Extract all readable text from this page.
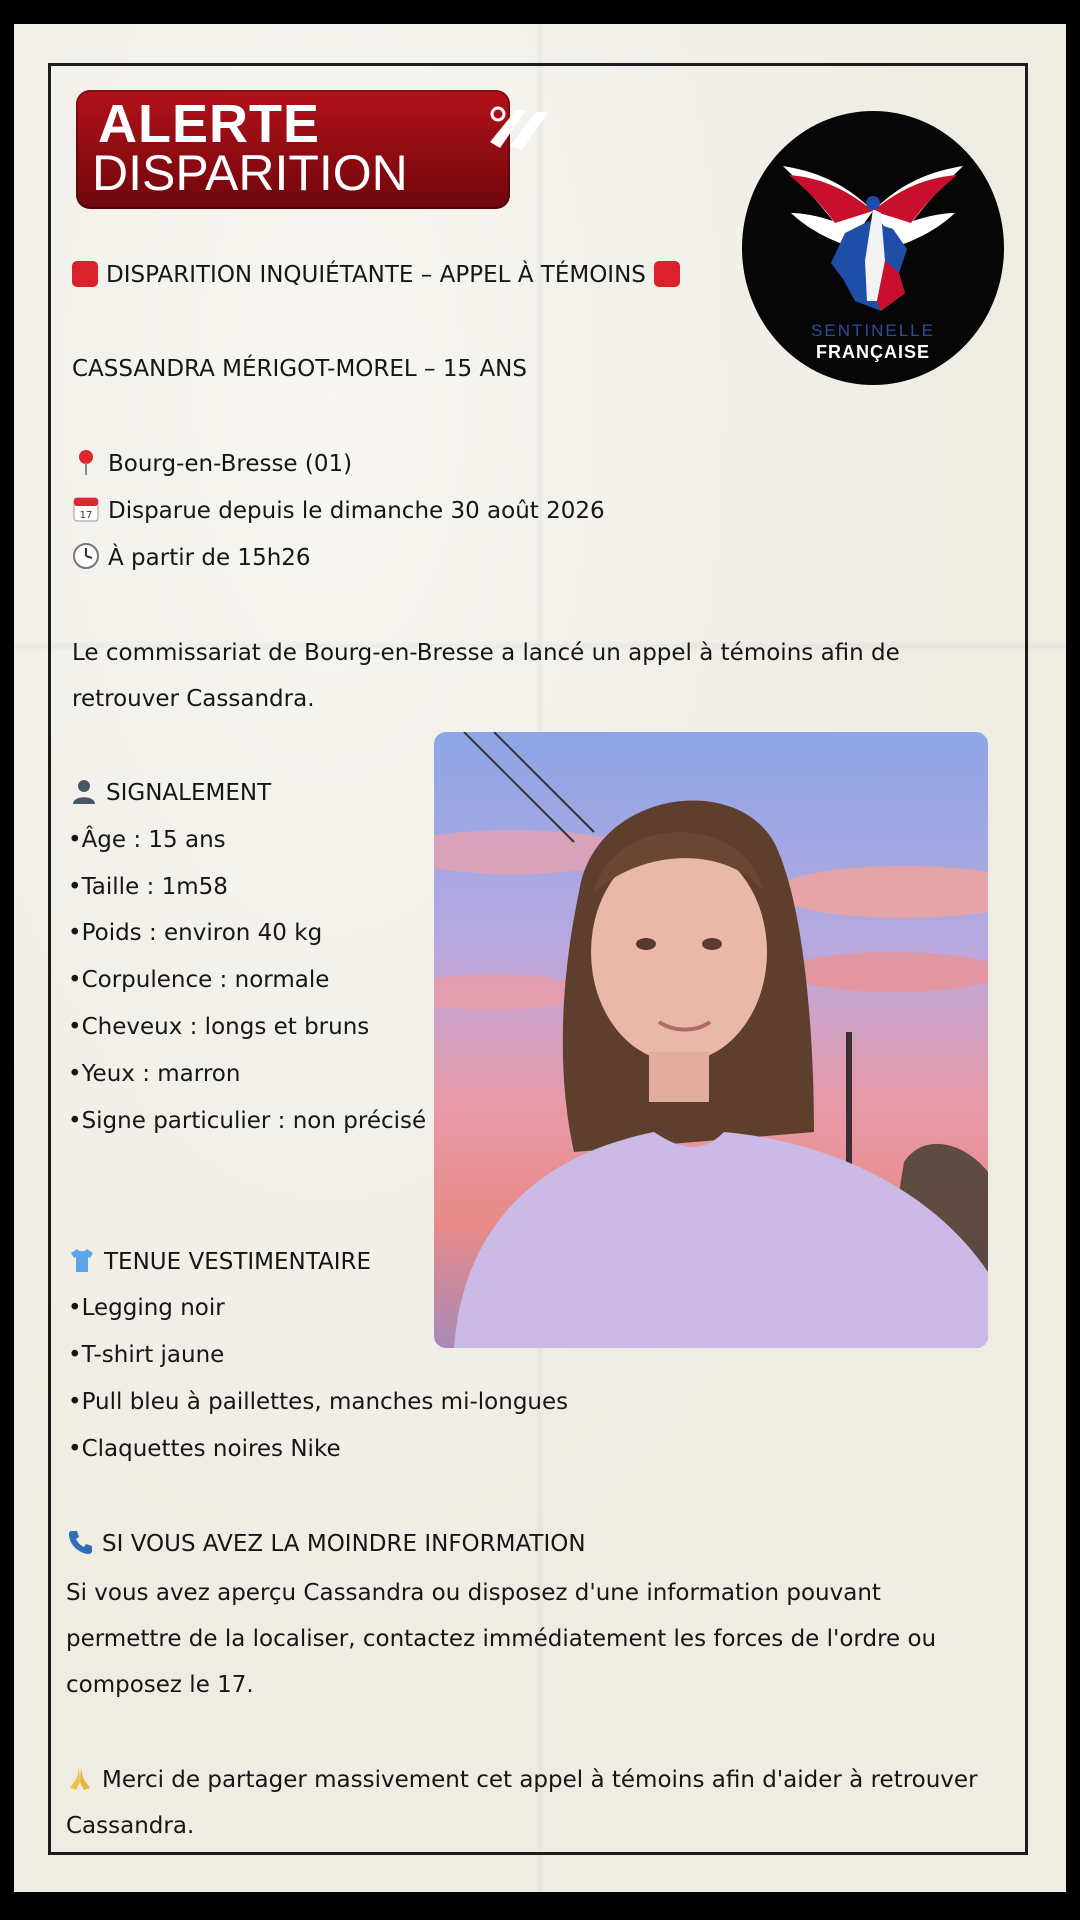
ALERTE
DISPARITION
SENTINELLE
FRANÇAISE
DISPARITION INQUIÉTANTE – APPEL À TÉMOINS
CASSANDRA MÉRIGOT-MOREL – 15 ANS
Bourg-en-Bresse (01)
17 Disparue depuis le dimanche 30 août 2026
À partir de 15h26
Le commissariat de Bourg-en-Bresse a lancé un appel à témoins afin de
retrouver Cassandra.
SIGNALEMENT
•Âge : 15 ans
•Taille : 1m58
•Poids : environ 40 kg
•Corpulence : normale
•Cheveux : longs et bruns
•Yeux : marron
•Signe particulier : non précisé
TENUE VESTIMENTAIRE
•Legging noir
•T-shirt jaune
•Pull bleu à paillettes, manches mi-longues
•Claquettes noires Nike
SI VOUS AVEZ LA MOINDRE INFORMATION
Si vous avez aperçu Cassandra ou disposez d'une information pouvant
permettre de la localiser, contactez immédiatement les forces de l'ordre ou
composez le 17.
Merci de partager massivement cet appel à témoins afin d'aider à retrouver
Cassandra.
